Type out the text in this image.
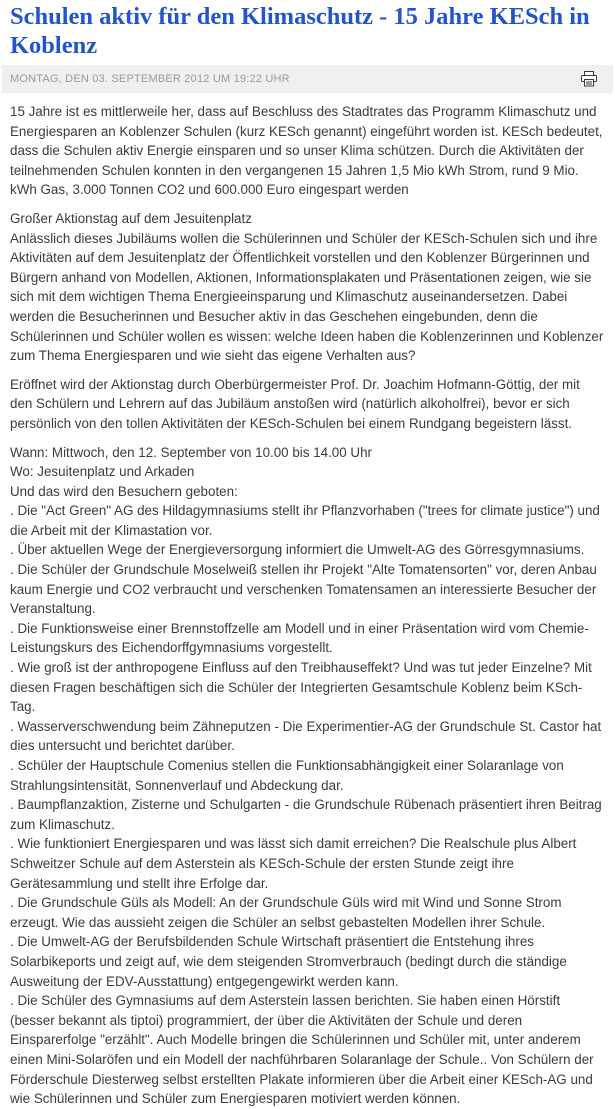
Schulen aktiv für den Klimaschutz - 15 Jahre KESch in Koblenz
MONTAG, DEN 03. SEPTEMBER 2012 UM 19:22 UHR

15 Jahre ist es mittlerweile her, dass auf Beschluss des Stadtrates das Programm Klimaschutz und Energiesparen an Koblenzer Schulen (kurz KESch genannt) eingeführt worden ist. KESch bedeutet, dass die Schulen aktiv Energie einsparen und so unser Klima schützen. Durch die Aktivitäten der teilnehmenden Schulen konnten in den vergangenen 15 Jahren 1,5 Mio kWh Strom, rund 9 Mio. kWh Gas, 3.000 Tonnen CO2 und 600.000 Euro eingespart werden

Großer Aktionstag auf dem Jesuitenplatz
Anlässlich dieses Jubiläums wollen die Schülerinnen und Schüler der KESch-Schulen sich und ihre Aktivitäten auf dem Jesuitenplatz der Öffentlichkeit vorstellen und den Koblenzer Bürgerinnen und Bürgern anhand von Modellen, Aktionen, Informationsplakaten und Präsentationen zeigen, wie sie sich mit dem wichtigen Thema Energieeinsparung und Klimaschutz auseinandersetzen. Dabei werden die Besucherinnen und Besucher aktiv in das Geschehen eingebunden, denn die Schülerinnen und Schüler wollen es wissen: welche Ideen haben die Koblenzerinnen und Koblenzer zum Thema Energiesparen und wie sieht das eigene Verhalten aus?

Eröffnet wird der Aktionstag durch Oberbürgermeister Prof. Dr. Joachim Hofmann-Göttig, der mit den Schülern und Lehrern auf das Jubiläum anstoßen wird (natürlich alkoholfrei), bevor er sich persönlich von den tollen Aktivitäten der KESch-Schulen bei einem Rundgang begeistern lässt.

Wann: Mittwoch, den 12. September von 10.00 bis 14.00 Uhr
Wo: Jesuitenplatz und Arkaden
Und das wird den Besuchern geboten:
. Die "Act Green" AG des Hildagymnasiums stellt ihr Pflanzvorhaben ("trees for climate justice") und die Arbeit mit der Klimastation vor.
. Über aktuellen Wege der Energieversorgung informiert die Umwelt-AG des Görresgymnasiums.
. Die Schüler der Grundschule Moselweiß stellen ihr Projekt "Alte Tomatensorten" vor, deren Anbau kaum Energie und CO2 verbraucht und verschenken Tomatensamen an interessierte Besucher der Veranstaltung.
. Die Funktionsweise einer Brennstoffzelle am Modell und in einer Präsentation wird vom Chemie-Leistungskurs des Eichendorffgymnasiums vorgestellt.
. Wie groß ist der anthropogene Einfluss auf den Treibhauseffekt? Und was tut jeder Einzelne? Mit diesen Fragen beschäftigen sich die Schüler der Integrierten Gesamtschule Koblenz beim KSch-Tag.
. Wasserverschwendung beim Zähneputzen - Die Experimentier-AG der Grundschule St. Castor hat dies untersucht und berichtet darüber.
. Schüler der Hauptschule Comenius stellen die Funktionsabhängigkeit einer Solaranlage von Strahlungsintensität, Sonnenverlauf und Abdeckung dar.
. Baumpflanzaktion, Zisterne und Schulgarten - die Grundschule Rübenach präsentiert ihren Beitrag zum Klimaschutz.
. Wie funktioniert Energiesparen und was lässt sich damit erreichen? Die Realschule plus Albert Schweitzer Schule auf dem Asterstein als KESch-Schule der ersten Stunde zeigt ihre Gerätesammlung und stellt ihre Erfolge dar.
. Die Grundschule Güls als Modell: An der Grundschule Güls wird mit Wind und Sonne Strom erzeugt. Wie das aussieht zeigen die Schüler an selbst gebastelten Modellen ihrer Schule.
. Die Umwelt-AG der Berufsbildenden Schule Wirtschaft präsentiert die Entstehung ihres Solarbikeports und zeigt auf, wie dem steigenden Stromverbrauch (bedingt durch die ständige Ausweitung der EDV-Ausstattung) entgegengewirkt werden kann.
. Die Schüler des Gymnasiums auf dem Asterstein lassen berichten. Sie haben einen Hörstift (besser bekannt als tiptoi) programmiert, der über die Aktivitäten der Schule und deren Einsparerfolge "erzählt". Auch Modelle bringen die Schülerinnen und Schüler mit, unter anderem einen Mini-Solaröfen und ein Modell der nachführbaren Solaranlage der Schule.. Von Schülern der Förderschule Diesterweg selbst erstellten Plakate informieren über die Arbeit einer KESch-AG und wie Schülerinnen und Schüler zum Energiesparen motiviert werden können.
